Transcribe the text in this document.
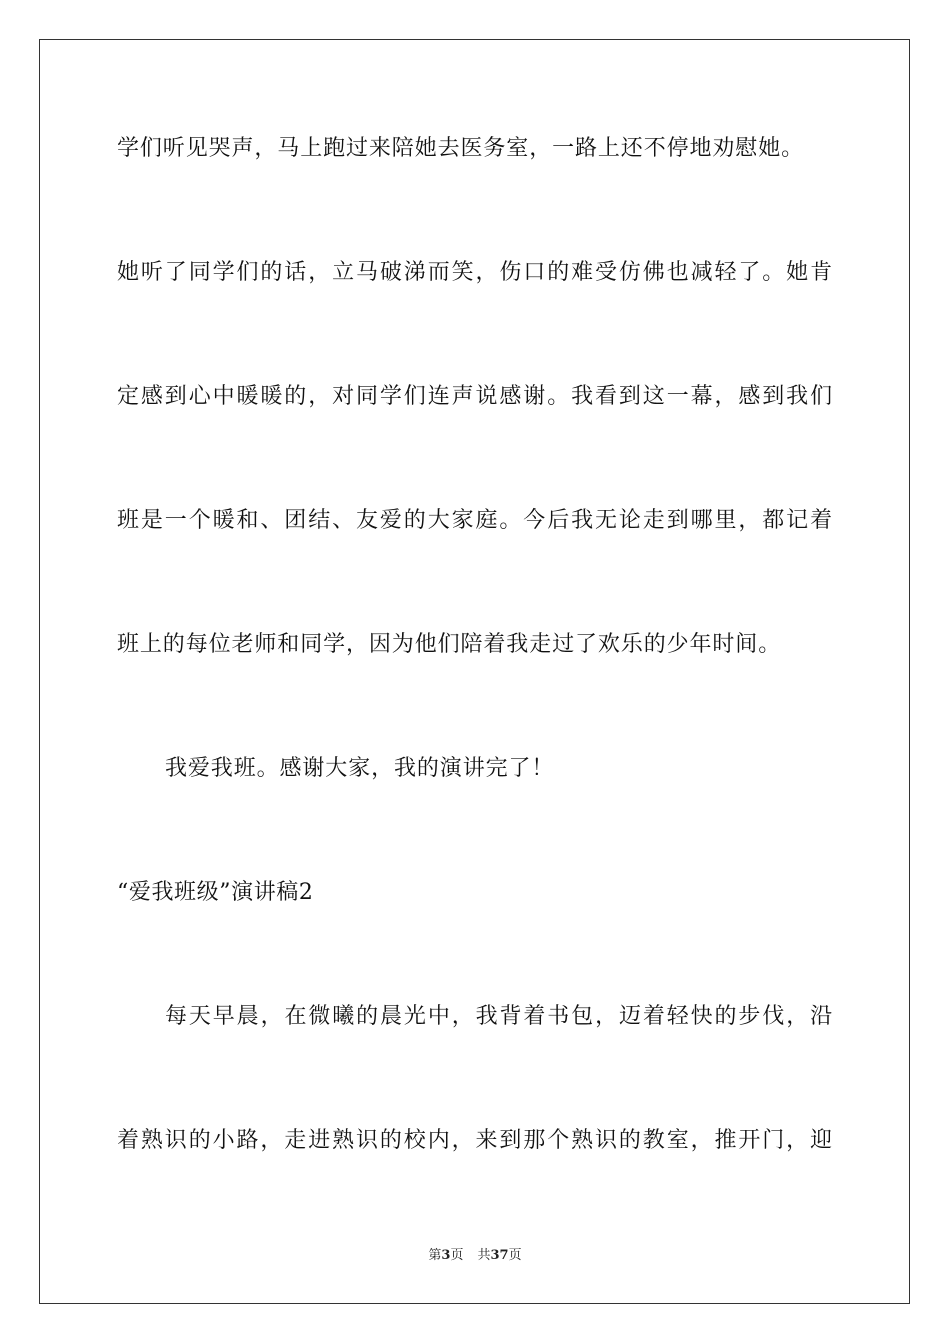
学们听见哭声，马上跑过来陪她去医务室，一路上还不停地劝慰她。
她听了同学们的话，立马破涕而笑，伤口的难受仿佛也减轻了。她肯
定感到心中暖暖的，对同学们连声说感谢。我看到这一幕，感到我们
班是一个暖和、团结、友爱的大家庭。今后我无论走到哪里，都记着
班上的每位老师和同学，因为他们陪着我走过了欢乐的少年时间。
我爱我班。感谢大家，我的演讲完了！
“爱我班级”演讲稿2
每天早晨，在微曦的晨光中，我背着书包，迈着轻快的步伐，沿
着熟识的小路，走进熟识的校内，来到那个熟识的教室，推开门，迎
第3页 共37页
